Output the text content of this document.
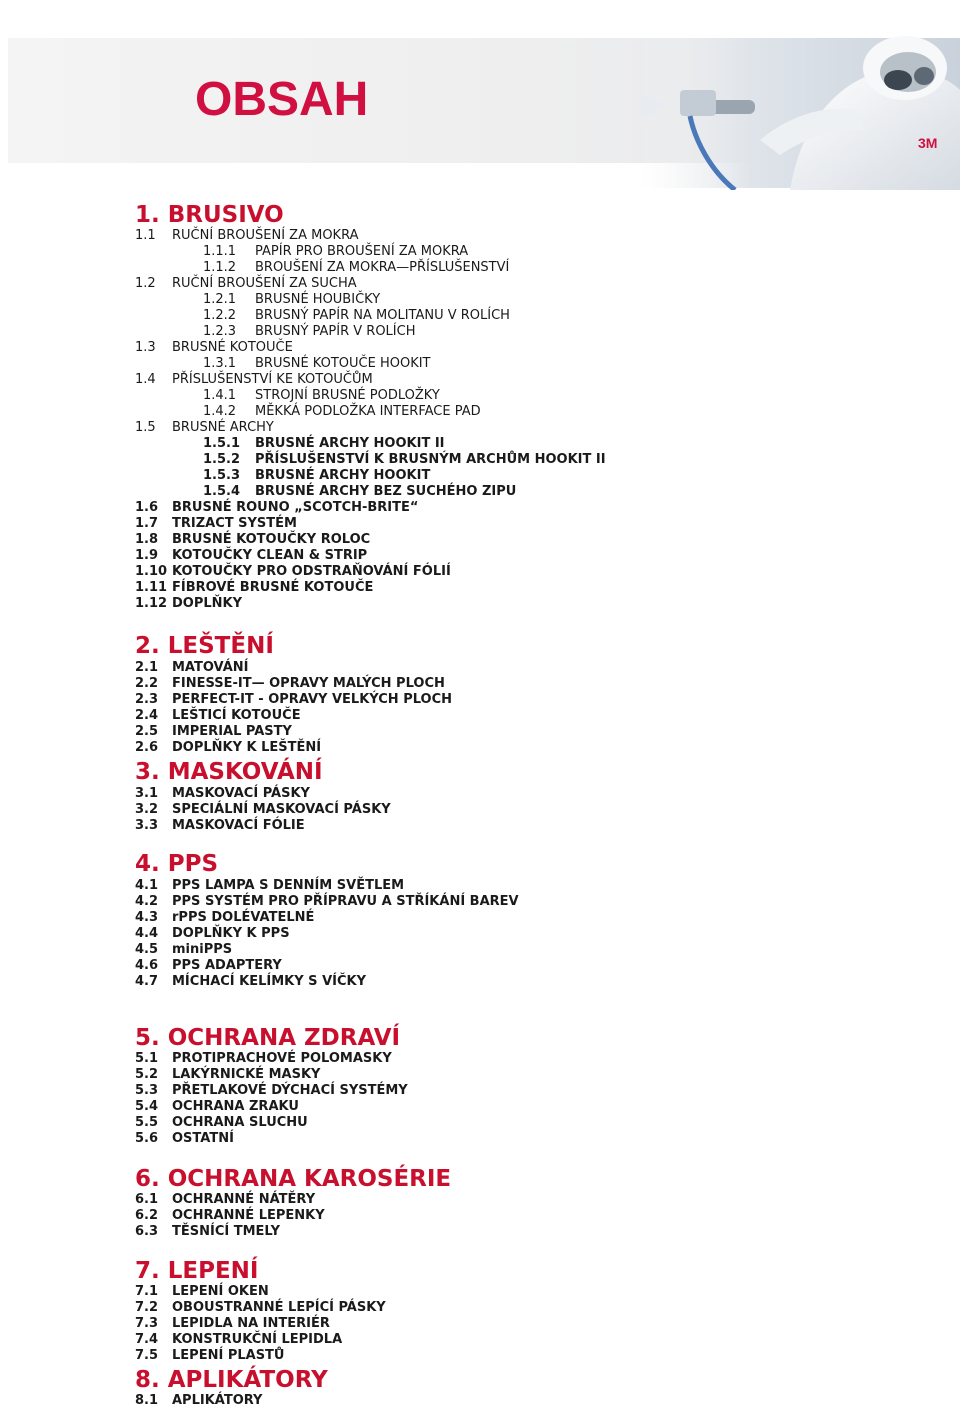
3M
OBSAH
1. BRUSIVO
1.1 RUČNÍ BROUŠENÍ ZA MOKRA
1.1.1 PAPÍR PRO BROUŠENÍ ZA MOKRA
1.1.2 BROUŠENÍ ZA MOKRA—PŘÍSLUŠENSTVÍ
1.2 RUČNÍ BROUŠENÍ ZA SUCHA
1.2.1 BRUSNÉ HOUBIČKY
1.2.2 BRUSNÝ PAPÍR NA MOLITANU V ROLÍCH
1.2.3 BRUSNÝ PAPÍR V ROLÍCH
1.3 BRUSNÉ KOTOUČE
1.3.1 BRUSNÉ KOTOUČE HOOKIT
1.4 PŘÍSLUŠENSTVÍ KE KOTOUČŮM
1.4.1 STROJNÍ BRUSNÉ PODLOŽKY
1.4.2 MĚKKÁ PODLOŽKA INTERFACE PAD
1.5 BRUSNÉ ARCHY
1.5.1 BRUSNÉ ARCHY HOOKIT II
1.5.2 PŘÍSLUŠENSTVÍ K BRUSNÝM ARCHŮM HOOKIT II
1.5.3 BRUSNÉ ARCHY HOOKIT
1.5.4 BRUSNÉ ARCHY BEZ SUCHÉHO ZIPU
1.6 BRUSNÉ ROUNO „SCOTCH-BRITE“
1.7 TRIZACT SYSTÉM
1.8 BRUSNÉ KOTOUČKY ROLOC
1.9 KOTOUČKY CLEAN & STRIP
1.10 KOTOUČKY PRO ODSTRAŇOVÁNÍ FÓLIÍ
1.11 FÍBROVÉ BRUSNÉ KOTOUČE
1.12 DOPLŇKY
2. LEŠTĚNÍ
2.1 MATOVÁNÍ
2.2 FINESSE-IT— OPRAVY MALÝCH PLOCH
2.3 PERFECT-IT - OPRAVY VELKÝCH PLOCH
2.4 LEŠTICÍ KOTOUČE
2.5 IMPERIAL PASTY
2.6 DOPLŇKY K LEŠTĚNÍ
3. MASKOVÁNÍ
3.1 MASKOVACÍ PÁSKY
3.2 SPECIÁLNÍ MASKOVACÍ PÁSKY
3.3 MASKOVACÍ FÓLIE
4. PPS
4.1 PPS LAMPA S DENNÍM SVĚTLEM
4.2 PPS SYSTÉM PRO PŘÍPRAVU A STŘÍKÁNÍ BAREV
4.3 rPPS DOLÉVATELNÉ
4.4 DOPLŇKY K PPS
4.5 miniPPS
4.6 PPS ADAPTERY
4.7 MÍCHACÍ KELÍMKY S VÍČKY
5. OCHRANA ZDRAVÍ
5.1 PROTIPRACHOVÉ POLOMASKY
5.2 LAKÝRNICKÉ MASKY
5.3 PŘETLAKOVÉ DÝCHACÍ SYSTÉMY
5.4 OCHRANA ZRAKU
5.5 OCHRANA SLUCHU
5.6 OSTATNÍ
6. OCHRANA KAROSÉRIE
6.1 OCHRANNÉ NÁTĚRY
6.2 OCHRANNÉ LEPENKY
6.3 TĚSNÍCÍ TMELY
7. LEPENÍ
7.1 LEPENÍ OKEN
7.2 OBOUSTRANNÉ LEPÍCÍ PÁSKY
7.3 LEPIDLA NA INTERIÉR
7.4 KONSTRUKČNÍ LEPIDLA
7.5 LEPENÍ PLASTŮ
8. APLIKÁTORY
8.1 APLIKÁTORY
